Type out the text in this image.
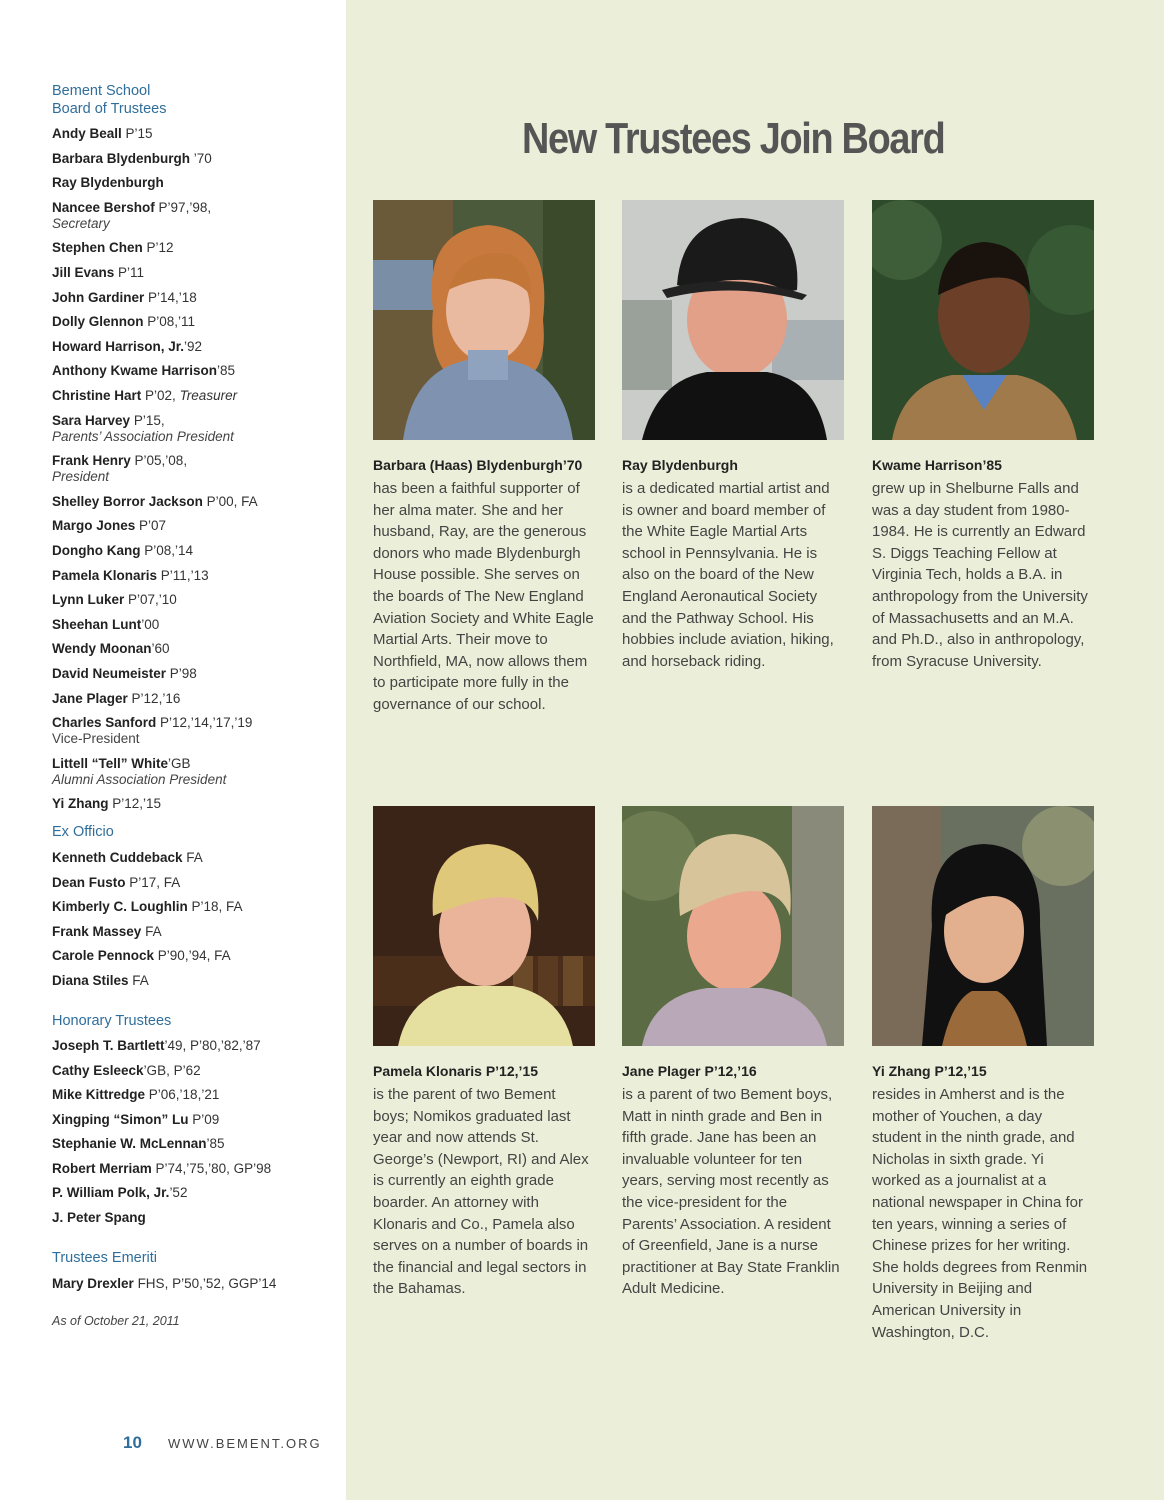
Bement School
Board of Trustees
Andy Beall P’15
Barbara Blydenburgh ’70
Ray Blydenburgh
Nancee Bershof P’97,’98,
Secretary
Stephen Chen P’12
Jill Evans P’11
John Gardiner P’14,’18
Dolly Glennon P’08,’11
Howard Harrison, Jr.’92
Anthony Kwame Harrison’85
Christine Hart P’02, Treasurer
Sara Harvey P’15,
Parents’ Association President
Frank Henry P’05,’08,
President
Shelley Borror Jackson P’00, FA
Margo Jones P’07
Dongho Kang P’08,’14
Pamela Klonaris P’11,’13
Lynn Luker P’07,’10
Sheehan Lunt’00
Wendy Moonan’60
David Neumeister P’98
Jane Plager P’12,’16
Charles Sanford P’12,’14,’17,’19
Vice-President
Littell “Tell” White’GB
Alumni Association President
Yi Zhang P’12,’15
Ex Officio
Kenneth Cuddeback FA
Dean Fusto P’17, FA
Kimberly C. Loughlin P’18, FA
Frank Massey FA
Carole Pennock P’90,’94, FA
Diana Stiles FA
Honorary Trustees
Joseph T. Bartlett’49, P’80,’82,’87
Cathy Esleeck’GB, P’62
Mike Kittredge P’06,’18,’21
Xingping “Simon” Lu P’09
Stephanie W. McLennan’85
Robert Merriam P’74,’75,’80, GP’98
P. William Polk, Jr.’52
J. Peter Spang
Trustees Emeriti
Mary Drexler FHS, P’50,’52, GGP’14
As of October 21, 2011
10 WWW.BEMENT.ORG
New Trustees Join Board
Barbara (Haas) Blydenburgh’70
has been a faithful supporter of her alma mater. She and her husband, Ray, are the generous donors who made Blydenburgh House possible. She serves on the boards of The New England Aviation Society and White Eagle Martial Arts. Their move to Northfield, MA, now allows them to participate more fully in the governance of our school.
Ray Blydenburgh
is a dedicated martial artist and is owner and board member of the White Eagle Martial Arts school in Pennsylvania. He is also on the board of the New England Aeronautical Society and the Pathway School. His hobbies include aviation, hiking, and horseback riding.
Kwame Harrison’85
grew up in Shelburne Falls and was a day student from 1980-1984. He is currently an Edward S. Diggs Teaching Fellow at Virginia Tech, holds a B.A. in anthropology from the University of Massachusetts and an M.A. and Ph.D., also in anthropology, from Syracuse University.
Pamela Klonaris P’12,’15
is the parent of two Bement boys; Nomikos graduated last year and now attends St. George’s (Newport, RI) and Alex is currently an eighth grade boarder. An attorney with Klonaris and Co., Pamela also serves on a number of boards in the financial and legal sectors in the Bahamas.
Jane Plager P’12,’16
is a parent of two Bement boys, Matt in ninth grade and Ben in fifth grade. Jane has been an invaluable volunteer for ten years, serving most recently as the vice-president for the Parents’ Association. A resident of Greenfield, Jane is a nurse practitioner at Bay State Franklin Adult Medicine.
Yi Zhang P’12,’15
resides in Amherst and is the mother of Youchen, a day student in the ninth grade, and Nicholas in sixth grade. Yi worked as a journalist at a national newspaper in China for ten years, winning a series of Chinese prizes for her writing. She holds degrees from Renmin University in Beijing and American University in Washington, D.C.
